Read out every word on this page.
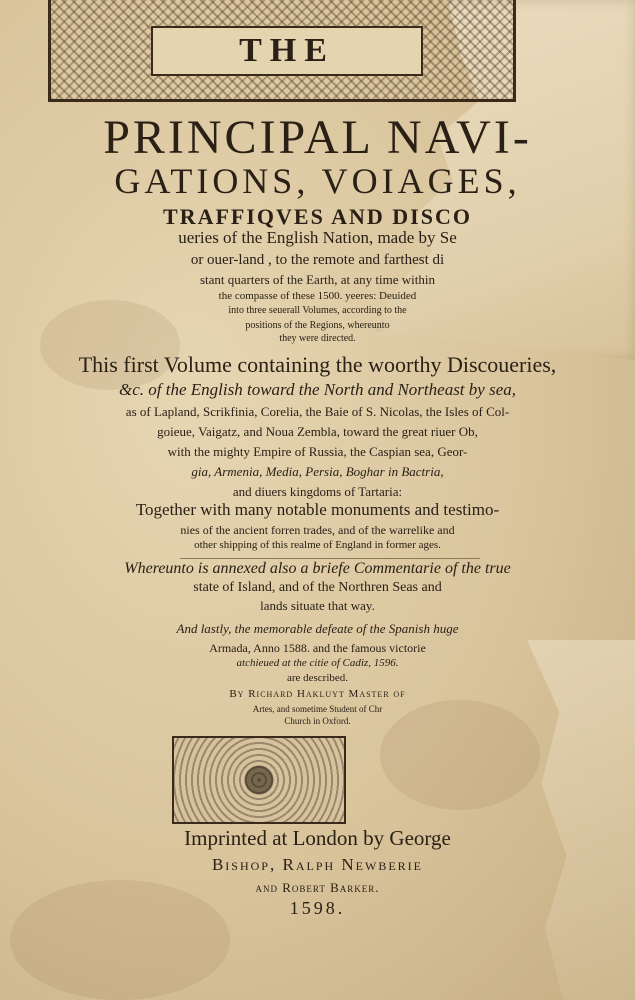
THE
PRINCIPAL NAVI-
GATIONS, VOIAGES,
TRAFFIQVES AND DISCO
ueries of the English Nation, made by Se
or ouer-land , to the remote and farthest di
stant quarters of the Earth, at any time within
the compasse of these 1500. yeeres: Deuided
into three seuerall Volumes, according to the
positions of the Regions, whereunto
they were directed.
This first Volume containing the woorthy Discoueries,
&c. of the English toward the North and Northeast by sea,
as of Lapland, Scrikfinia, Corelia, the Baie of S. Nicolas, the Isles of Col-
goieue, Vaigatz, and Noua Zembla, toward the great riuer Ob,
with the mighty Empire of Russia, the Caspian sea, Geor-
gia, Armenia, Media, Persia, Boghar in Bactria,
and diuers kingdoms of Tartaria:
Together with many notable monuments and testimo-
nies of the ancient forren trades, and of the warrelike and
other shipping of this realme of England in former ages.
Whereunto is annexed also a briefe Commentarie of the true
state of Island, and of the Northren Seas and
lands situate that way.
And lastly, the memorable defeate of the Spanish huge
Armada, Anno 1588. and the famous victorie
atchieued at the citie of Cadiz, 1596.
are described.
By Richard Hakluyt Master of
Artes, and sometime Student of Chr
Church in Oxford.
Imprinted at London by George
Bishop, Ralph Newberie
and Robert Barker.
1598.
